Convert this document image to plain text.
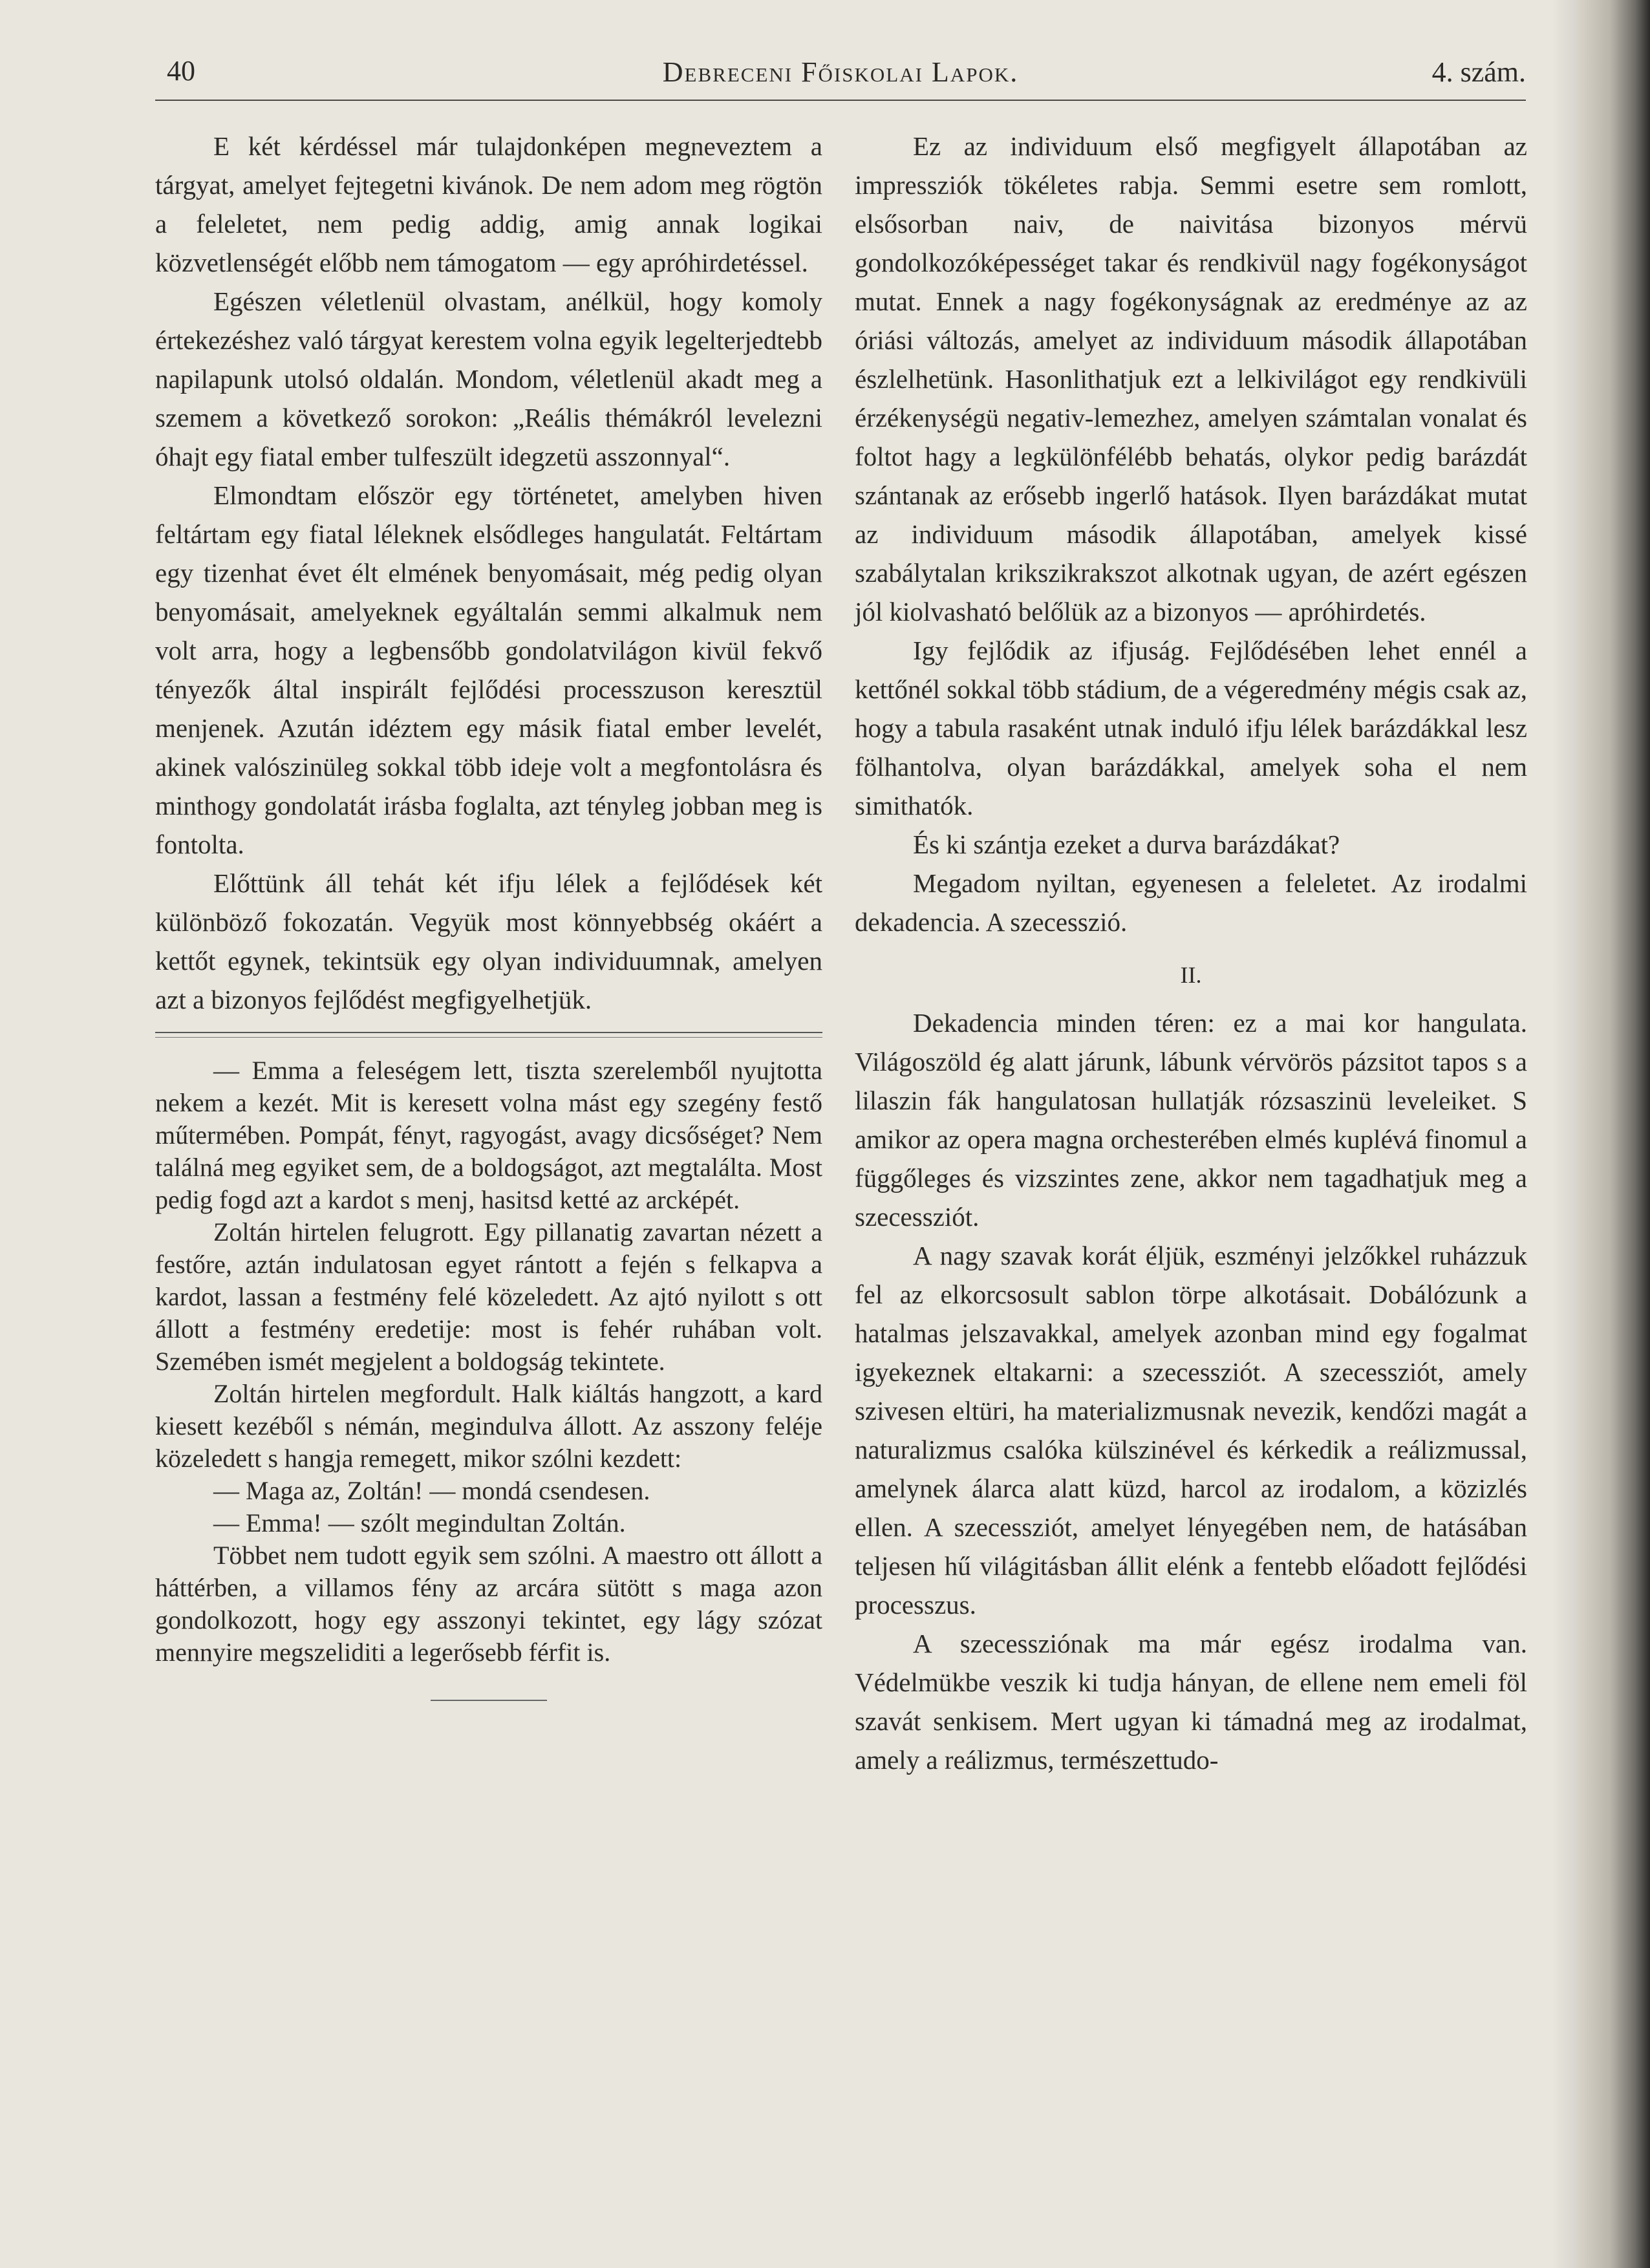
40	Debreceni Főiskolai Lapok.	4. szám.

E két kérdéssel már tulajdonképen megneveztem a tárgyat, amelyet fejtegetni kivánok. De nem adom meg rögtön a feleletet, nem pedig addig, amig annak logikai közvetlenségét előbb nem támogatom — egy apróhirdetéssel.

Egészen véletlenül olvastam, anélkül, hogy komoly értekezéshez való tárgyat kerestem volna egyik legelterjedtebb napilapunk utolsó oldalán. Mondom, véletlenül akadt meg a szemem a következő sorokon: „Reális thémákról levelezni óhajt egy fiatal ember tulfeszült idegzetü asszonnyal“.

Elmondtam először egy történetet, amelyben hiven feltártam egy fiatal léleknek elsődleges hangulatát. Feltártam egy tizenhat évet élt elmének benyomásait, még pedig olyan benyomásait, amelyeknek egyáltalán semmi alkalmuk nem volt arra, hogy a legbensőbb gondolatvilágon kivül fekvő tényezők által inspirált fejlődési processzuson keresztül menjenek. Azután idéztem egy másik fiatal ember levelét, akinek valószinüleg sokkal több ideje volt a megfontolásra és minthogy gondolatát irásba foglalta, azt tényleg jobban meg is fontolta.

Előttünk áll tehát két ifju lélek a fejlődések két különböző fokozatán. Vegyük most könnyebbség okáért a kettőt egynek, tekintsük egy olyan individuumnak, amelyen azt a bizonyos fejlődést megfigyelhetjük.

— Emma a feleségem lett, tiszta szerelemből nyujtotta nekem a kezét. Mit is keresett volna mást egy szegény festő műtermében. Pompát, fényt, ragyogást, avagy dicsőséget? Nem találná meg egyiket sem, de a boldogságot, azt megtalálta. Most pedig fogd azt a kardot s menj, hasitsd ketté az arcképét.

Zoltán hirtelen felugrott. Egy pillanatig zavartan nézett a festőre, aztán indulatosan egyet rántott a fején s felkapva a kardot, lassan a festmény felé közeledett. Az ajtó nyilott s ott állott a festmény eredetije: most is fehér ruhában volt. Szemében ismét megjelent a boldogság tekintete.

Zoltán hirtelen megfordult. Halk kiáltás hangzott, a kard kiesett kezéből s némán, megindulva állott. Az asszony feléje közeledett s hangja remegett, mikor szólni kezdett:

— Maga az, Zoltán! — mondá csendesen.

— Emma! — szólt megindultan Zoltán.

Többet nem tudott egyik sem szólni. A maestro ott állott a háttérben, a villamos fény az arcára sütött s maga azon gondolkozott, hogy egy asszonyi tekintet, egy lágy szózat mennyire megszeliditi a legerősebb férfit is.

Ez az individuum első megfigyelt állapotában az impressziók tökéletes rabja. Semmi esetre sem romlott, elsősorban naiv, de naivitása bizonyos mérvü gondolkozóképességet takar és rendkivül nagy fogékonyságot mutat. Ennek a nagy fogékonyságnak az eredménye az az óriási változás, amelyet az individuum második állapotában észlelhetünk. Hasonlithatjuk ezt a lelkivilágot egy rendkivüli érzékenységü negativ-lemezhez, amelyen számtalan vonalat és foltot hagy a legkülönfélébb behatás, olykor pedig barázdát szántanak az erősebb ingerlő hatások. Ilyen barázdákat mutat az individuum második állapotában, amelyek kissé szabálytalan krikszikrakszot alkotnak ugyan, de azért egészen jól kiolvasható belőlük az a bizonyos — apróhirdetés.

Igy fejlődik az ifjuság. Fejlődésében lehet ennél a kettőnél sokkal több stádium, de a végeredmény mégis csak az, hogy a tabula rasaként utnak induló ifju lélek barázdákkal lesz fölhantolva, olyan barázdákkal, amelyek soha el nem simithatók.

És ki szántja ezeket a durva barázdákat?

Megadom nyiltan, egyenesen a feleletet. Az irodalmi dekadencia. A szecesszió.

II.

Dekadencia minden téren: ez a mai kor hangulata. Világoszöld ég alatt járunk, lábunk vérvörös pázsitot tapos s a lilaszin fák hangulatosan hullatják rózsaszinü leveleiket. S amikor az opera magna orchesterében elmés kuplévá finomul a függőleges és vizszintes zene, akkor nem tagadhatjuk meg a szecessziót.

A nagy szavak korát éljük, eszményi jelzőkkel ruházzuk fel az elkorcsosult sablon törpe alkotásait. Dobálózunk a hatalmas jelszavakkal, amelyek azonban mind egy fogalmat igyekeznek eltakarni: a szecessziót. A szecessziót, amely szivesen eltüri, ha materializmusnak nevezik, kendőzi magát a naturalizmus csalóka külszinével és kérkedik a reálizmussal, amelynek álarca alatt küzd, harcol az irodalom, a közizlés ellen. A szecessziót, amelyet lényegében nem, de hatásában teljesen hű világitásban állit elénk a fentebb előadott fejlődési processzus.

A szecessziónak ma már egész irodalma van. Védelmükbe veszik ki tudja hányan, de ellene nem emeli föl szavát senkisem. Mert ugyan ki támadná meg az irodalmat, amely a reálizmus, természettudo-
